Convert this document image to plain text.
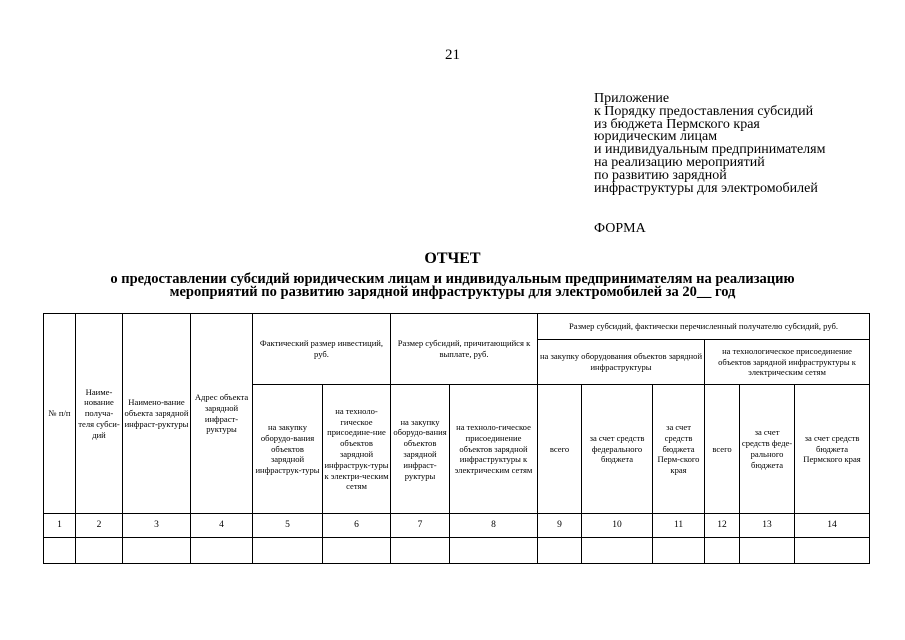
21
Приложение
к Порядку предоставления субсидий
из бюджета Пермского края
юридическим лицам
и индивидуальным предпринимателям
на реализацию мероприятий
по развитию зарядной
инфраструктуры для электромобилей
ФОРМА
ОТЧЕТ
о предоставлении субсидий юридическим лицам и индивидуальным предпринимателям на реализацию
мероприятий по развитию зарядной инфраструктуры для электромобилей за 20__ год
№ п/п	Наиме-нование получа-теля субси-дий	Наимено-вание объекта зарядной инфраст-руктуры	Адрес объекта зарядной инфраст-руктуры	Фактический размер инвестиций, руб.		Размер субсидий, причитающийся к выплате, руб.		Размер субсидий, фактически перечисленный получателю субсидий, руб.					
								на закупку оборудования объектов зарядной инфраструктуры			на технологическое присоединение объектов зарядной инфраструктуры к электрическим сетям		
				на закупку оборудо-вания объектов зарядной инфраструк-туры	на техноло-гическое присоедине-ние объектов зарядной инфраструк-туры к электри-ческим сетям	на закупку оборудо-вания объектов зарядной инфраст-руктуры	на техноло-гическое присоединение объектов зарядной инфраструктуры к электрическим сетям	всего	за счет средств федерального бюджета	за счет средств бюджета Перм-ского края	всего	за счет средств феде-рального бюджета	за счет средств бюджета Пермского края
1	2	3	4	5	6	7	8	9	10	11	12	13	14
